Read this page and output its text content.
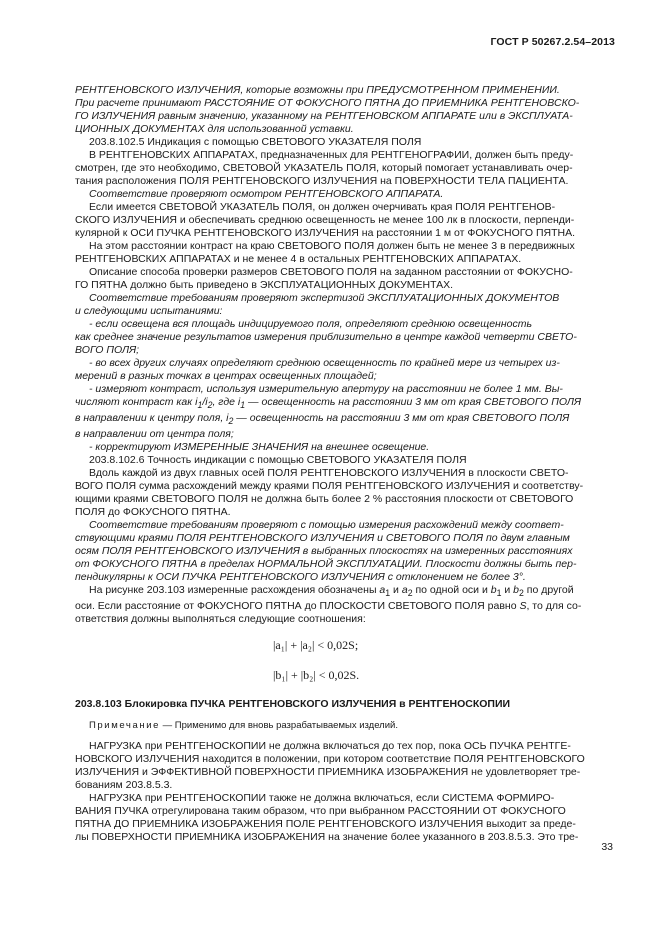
ГОСТ Р 50267.2.54–2013
РЕНТГЕНОВСКОГО ИЗЛУЧЕНИЯ, которые возможны при ПРЕДУСМОТРЕННОМ ПРИМЕНЕНИИ.
При расчете принимают РАССТОЯНИЕ ОТ ФОКУСНОГО ПЯТНА ДО ПРИЕМНИКА РЕНТГЕНОВСКО-
ГО ИЗЛУЧЕНИЯ равным значению, указанному на РЕНТГЕНОВСКОМ АППАРАТЕ или в ЭКСПЛУАТА-
ЦИОННЫХ ДОКУМЕНТАХ для использованной уставки.
203.8.102.5 Индикация с помощью СВЕТОВОГО УКАЗАТЕЛЯ ПОЛЯ
В РЕНТГЕНОВСКИХ АППАРАТАХ, предназначенных для РЕНТГЕНОГРАФИИ, должен быть преду-
смотрен, где это необходимо, СВЕТОВОЙ УКАЗАТЕЛЬ ПОЛЯ, который помогает устанавливать очер-
тания расположения ПОЛЯ РЕНТГЕНОВСКОГО ИЗЛУЧЕНИЯ на ПОВЕРХНОСТИ ТЕЛА ПАЦИЕНТА.
Соответствие проверяют осмотром РЕНТГЕНОВСКОГО АППАРАТА.
Если имеется СВЕТОВОЙ УКАЗАТЕЛЬ ПОЛЯ, он должен очерчивать края ПОЛЯ РЕНТГЕНОВ-
СКОГО ИЗЛУЧЕНИЯ и обеспечивать среднюю освещенность не менее 100 лк в плоскости, перпенди-
кулярной к ОСИ ПУЧКА РЕНТГЕНОВСКОГО ИЗЛУЧЕНИЯ на расстоянии 1 м от ФОКУСНОГО ПЯТНА.
На этом расстоянии контраст на краю СВЕТОВОГО ПОЛЯ должен быть не менее 3 в передвижных
РЕНТГЕНОВСКИХ АППАРАТАХ и не менее 4 в остальных РЕНТГЕНОВСКИХ АППАРАТАХ.
Описание способа проверки размеров СВЕТОВОГО ПОЛЯ на заданном расстоянии от ФОКУСНО-
ГО ПЯТНА должно быть приведено в ЭКСПЛУАТАЦИОННЫХ ДОКУМЕНТАХ.
Соответствие требованиям проверяют экспертизой ЭКСПЛУАТАЦИОННЫХ ДОКУМЕНТОВ
и следующими испытаниями:
- если освещена вся площадь индицируемого поля, определяют среднюю освещенность
как среднее значение результатов измерения приблизительно в центре каждой четверти СВЕТО-
ВОГО ПОЛЯ;
- во всех других случаях определяют среднюю освещенность по крайней мере из четырех из-
мерений в разных точках в центрах освещенных площадей;
- измеряют контраст, используя измерительную апертуру на расстоянии не более 1 мм. Вы-
числяют контраст как $i_1/i_2$, где $i_1$ — освещенность на расстоянии 3 мм от края СВЕТОВОГО ПОЛЯ
в направлении к центру поля, $i_2$ — освещенность на расстоянии 3 мм от края СВЕТОВОГО ПОЛЯ
в направлении от центра поля;
- корректируют ИЗМЕРЕННЫЕ ЗНАЧЕНИЯ на внешнее освещение.
203.8.102.6 Точность индикации с помощью СВЕТОВОГО УКАЗАТЕЛЯ ПОЛЯ
Вдоль каждой из двух главных осей ПОЛЯ РЕНТГЕНОВСКОГО ИЗЛУЧЕНИЯ в плоскости СВЕТО-
ВОГО ПОЛЯ сумма расхождений между краями ПОЛЯ РЕНТГЕНОВСКОГО ИЗЛУЧЕНИЯ и соответству-
ющими краями СВЕТОВОГО ПОЛЯ не должна быть более 2 % расстояния плоскости от СВЕТОВОГО
ПОЛЯ до ФОКУСНОГО ПЯТНА.
Соответствие требованиям проверяют с помощью измерения расхождений между соответ-
ствующими краями ПОЛЯ РЕНТГЕНОВСКОГО ИЗЛУЧЕНИЯ и СВЕТОВОГО ПОЛЯ по двум главным
осям ПОЛЯ РЕНТГЕНОВСКОГО ИЗЛУЧЕНИЯ в выбранных плоскостях на измеренных расстояниях
от ФОКУСНОГО ПЯТНА в пределах НОРМАЛЬНОЙ ЭКСПЛУАТАЦИИ. Плоскости должны быть пер-
пендикулярны к ОСИ ПУЧКА РЕНТГЕНОВСКОГО ИЗЛУЧЕНИЯ с отклонением не более 3°.
На рисунке 203.103 измеренные расхождения обозначены $a_1$ и $a_2$ по одной оси и $b_1$ и $b_2$ по другой
оси. Если расстояние от ФОКУСНОГО ПЯТНА до ПЛОСКОСТИ СВЕТОВОГО ПОЛЯ равно S, то для со-
ответствия должны выполняться следующие соотношения:
|a₁| + |a₂| < 0,02S;
|b₁| + |b₂| < 0,02S.
203.8.103 Блокировка ПУЧКА РЕНТГЕНОВСКОГО ИЗЛУЧЕНИЯ в РЕНТГЕНОСКОПИИ
Примечание — Применимо для вновь разрабатываемых изделий.
НАГРУЗКА при РЕНТГЕНОСКОПИИ не должна включаться до тех пор, пока ОСЬ ПУЧКА РЕНТГЕ-
НОВСКОГО ИЗЛУЧЕНИЯ находится в положении, при котором соответствие ПОЛЯ РЕНТГЕНОВСКОГО
ИЗЛУЧЕНИЯ и ЭФФЕКТИВНОЙ ПОВЕРХНОСТИ ПРИЕМНИКА ИЗОБРАЖЕНИЯ не удовлетворяет тре-
бованиям 203.8.5.3.
НАГРУЗКА при РЕНТГЕНОСКОПИИ также не должна включаться, если СИСТЕМА ФОРМИРО-
ВАНИЯ ПУЧКА отрегулирована таким образом, что при выбранном РАССТОЯНИИ ОТ ФОКУСНОГО
ПЯТНА ДО ПРИЕМНИКА ИЗОБРАЖЕНИЯ ПОЛЕ РЕНТГЕНОВСКОГО ИЗЛУЧЕНИЯ выходит за преде-
лы ПОВЕРХНОСТИ ПРИЕМНИКА ИЗОБРАЖЕНИЯ на значение более указанного в 203.8.5.3. Это тре-
33
